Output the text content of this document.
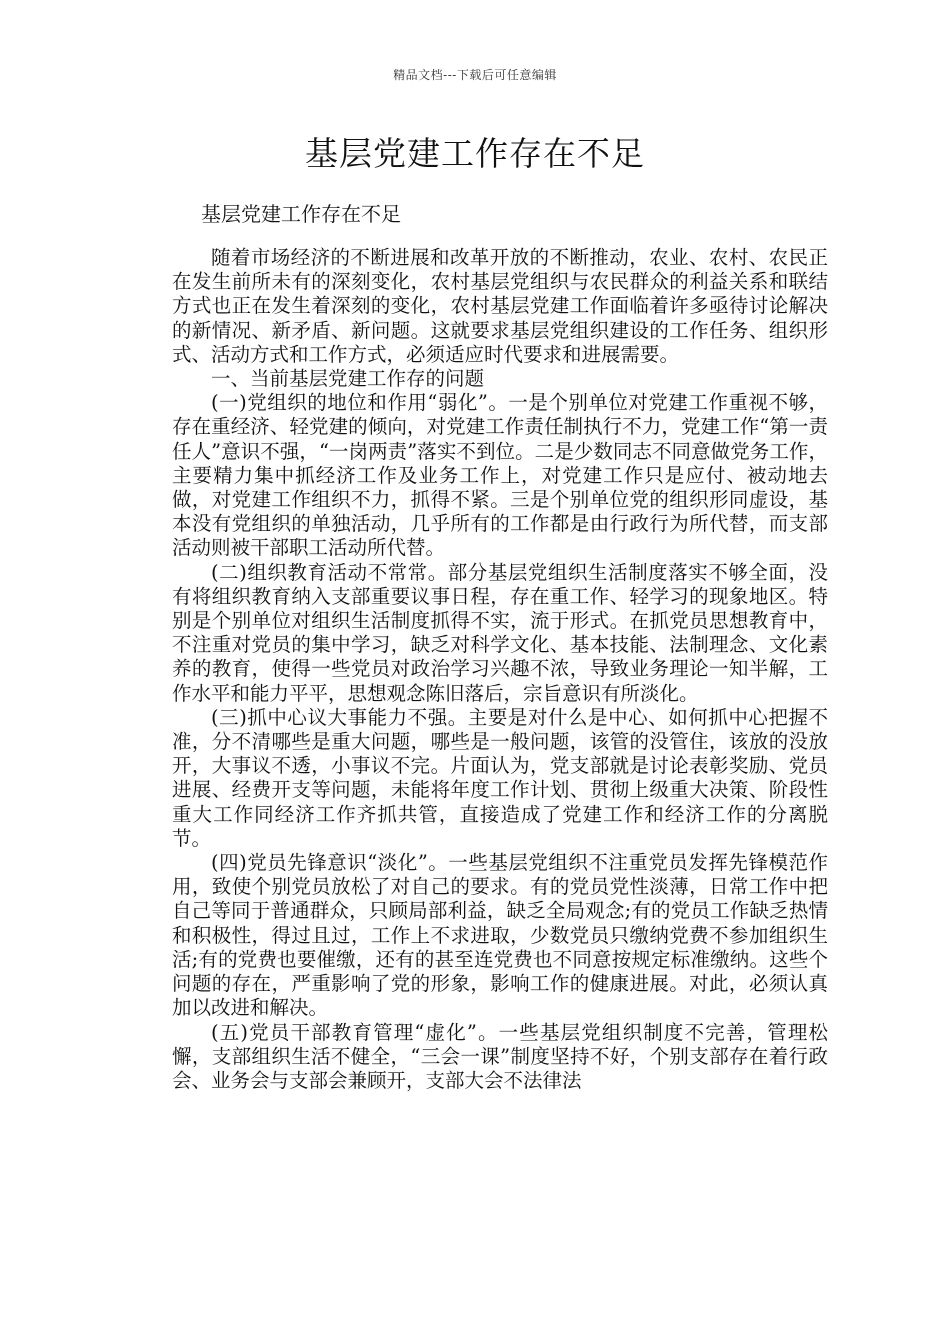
精品文档---下载后可任意编辑
基层党建工作存在不足

基层党建工作存在不足

随着市场经济的不断进展和改革开放的不断推动，农业、农村、农民正在发生前所未有的深刻变化，农村基层党组织与农民群众的利益关系和联结方式也正在发生着深刻的变化，农村基层党建工作面临着许多亟待讨论解决的新情况、新矛盾、新问题。这就要求基层党组织建设的工作任务、组织形式、活动方式和工作方式，必须适应时代要求和进展需要。

一、当前基层党建工作存的问题

(一)党组织的地位和作用“弱化”。一是个别单位对党建工作重视不够，存在重经济、轻党建的倾向，对党建工作责任制执行不力，党建工作“第一责任人”意识不强，“一岗两责”落实不到位。二是少数同志不同意做党务工作，主要精力集中抓经济工作及业务工作上，对党建工作只是应付、被动地去做，对党建工作组织不力，抓得不紧。三是个别单位党的组织形同虚设，基本没有党组织的单独活动，几乎所有的工作都是由行政行为所代替，而支部活动则被干部职工活动所代替。

(二)组织教育活动不常常。部分基层党组织生活制度落实不够全面，没有将组织教育纳入支部重要议事日程，存在重工作、轻学习的现象地区。特别是个别单位对组织生活制度抓得不实，流于形式。在抓党员思想教育中，不注重对党员的集中学习，缺乏对科学文化、基本技能、法制理念、文化素养的教育，使得一些党员对政治学习兴趣不浓，导致业务理论一知半解，工作水平和能力平平，思想观念陈旧落后，宗旨意识有所淡化。

(三)抓中心议大事能力不强。主要是对什么是中心、如何抓中心把握不准，分不清哪些是重大问题，哪些是一般问题，该管的没管住，该放的没放开，大事议不透，小事议不完。片面认为，党支部就是讨论表彰奖励、党员进展、经费开支等问题，未能将年度工作计划、贯彻上级重大决策、阶段性重大工作同经济工作齐抓共管，直接造成了党建工作和经济工作的分离脱节。

(四)党员先锋意识“淡化”。一些基层党组织不注重党员发挥先锋模范作用，致使个别党员放松了对自己的要求。有的党员党性淡薄，日常工作中把自己等同于普通群众，只顾局部利益，缺乏全局观念;有的党员工作缺乏热情和积极性，得过且过，工作上不求进取，少数党员只缴纳党费不参加组织生活;有的党费也要催缴，还有的甚至连党费也不同意按规定标准缴纳。这些个问题的存在，严重影响了党的形象，影响工作的健康进展。对此，必须认真加以改进和解决。

(五)党员干部教育管理“虚化”。一些基层党组织制度不完善，管理松懈，支部组织生活不健全，“三会一课”制度坚持不好，个别支部存在着行政会、业务会与支部会兼顾开，支部大会不法律法
